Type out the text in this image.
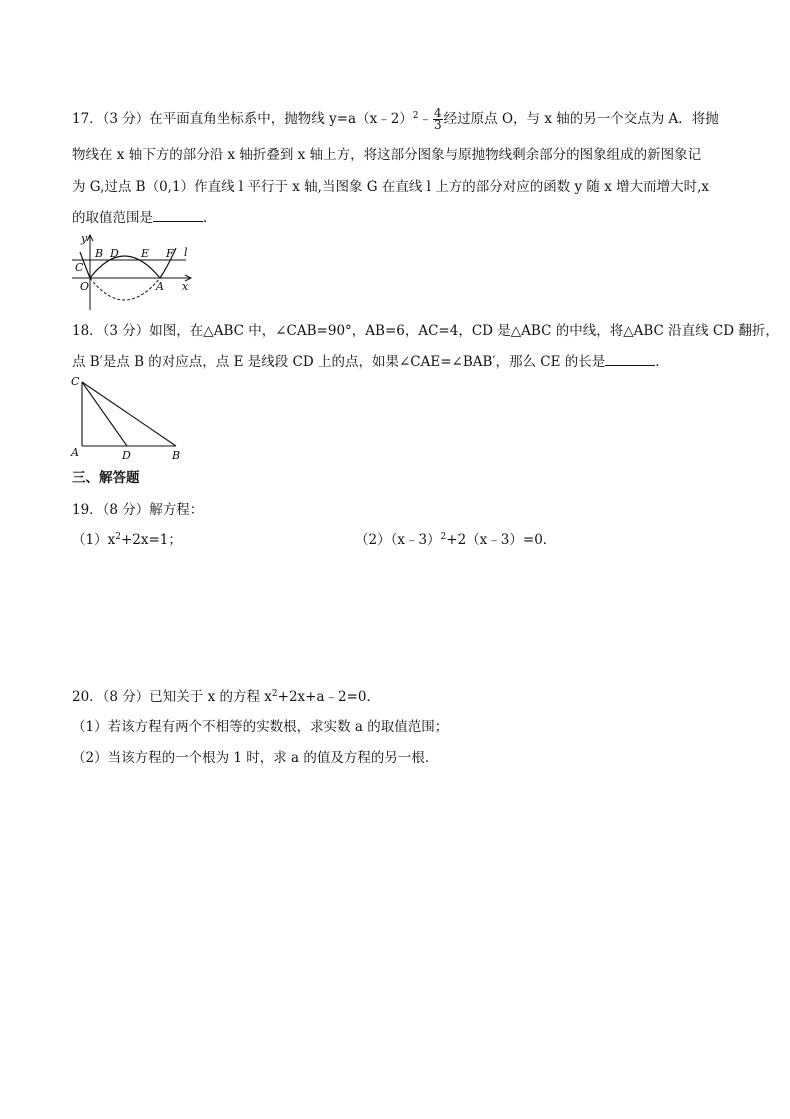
17．（3 分）在平面直角坐标系中，抛物线 y=a（x﹣2）$^2$﹣ $\frac{4}{3}$ 经过原点 O，与 x 轴的另一个交点为 A．将抛
物线在 x 轴下方的部分沿 x 轴折叠到 x 轴上方，将这部分图象与原抛物线剩余部分的图象组成的新图象记
为 G,过点 B（0,1）作直线 l 平行于 x 轴,当图象 G 在直线 l 上方的部分对应的函数 y 随 x 增大而增大时,x
的取值范围是	．
y
B D E F l
C
O	A x
18．（3 分）如图，在△ABC 中，∠CAB=90°，AB=6，AC=4，CD 是△ABC 的中线，将△ABC 沿直线 CD 翻折，
点 B′是点 B 的对应点，点 E 是线段 CD 上的点，如果∠CAE=∠BAB′，那么 CE 的长是	．
C
A	D	B
三、解答题
19．（8 分）解方程：
$(1)x^2+2x=1$；	（2）（x﹣3）$^2$+2（x﹣3）=0．
20．（8 分）已知关于 x 的方程 $x^2+2x+a﹣2=0$．
（1）若该方程有两个不相等的实数根，求实数 a 的取值范围；
（2）当该方程的一个根为 1 时，求 a 的值及方程的另一根．
